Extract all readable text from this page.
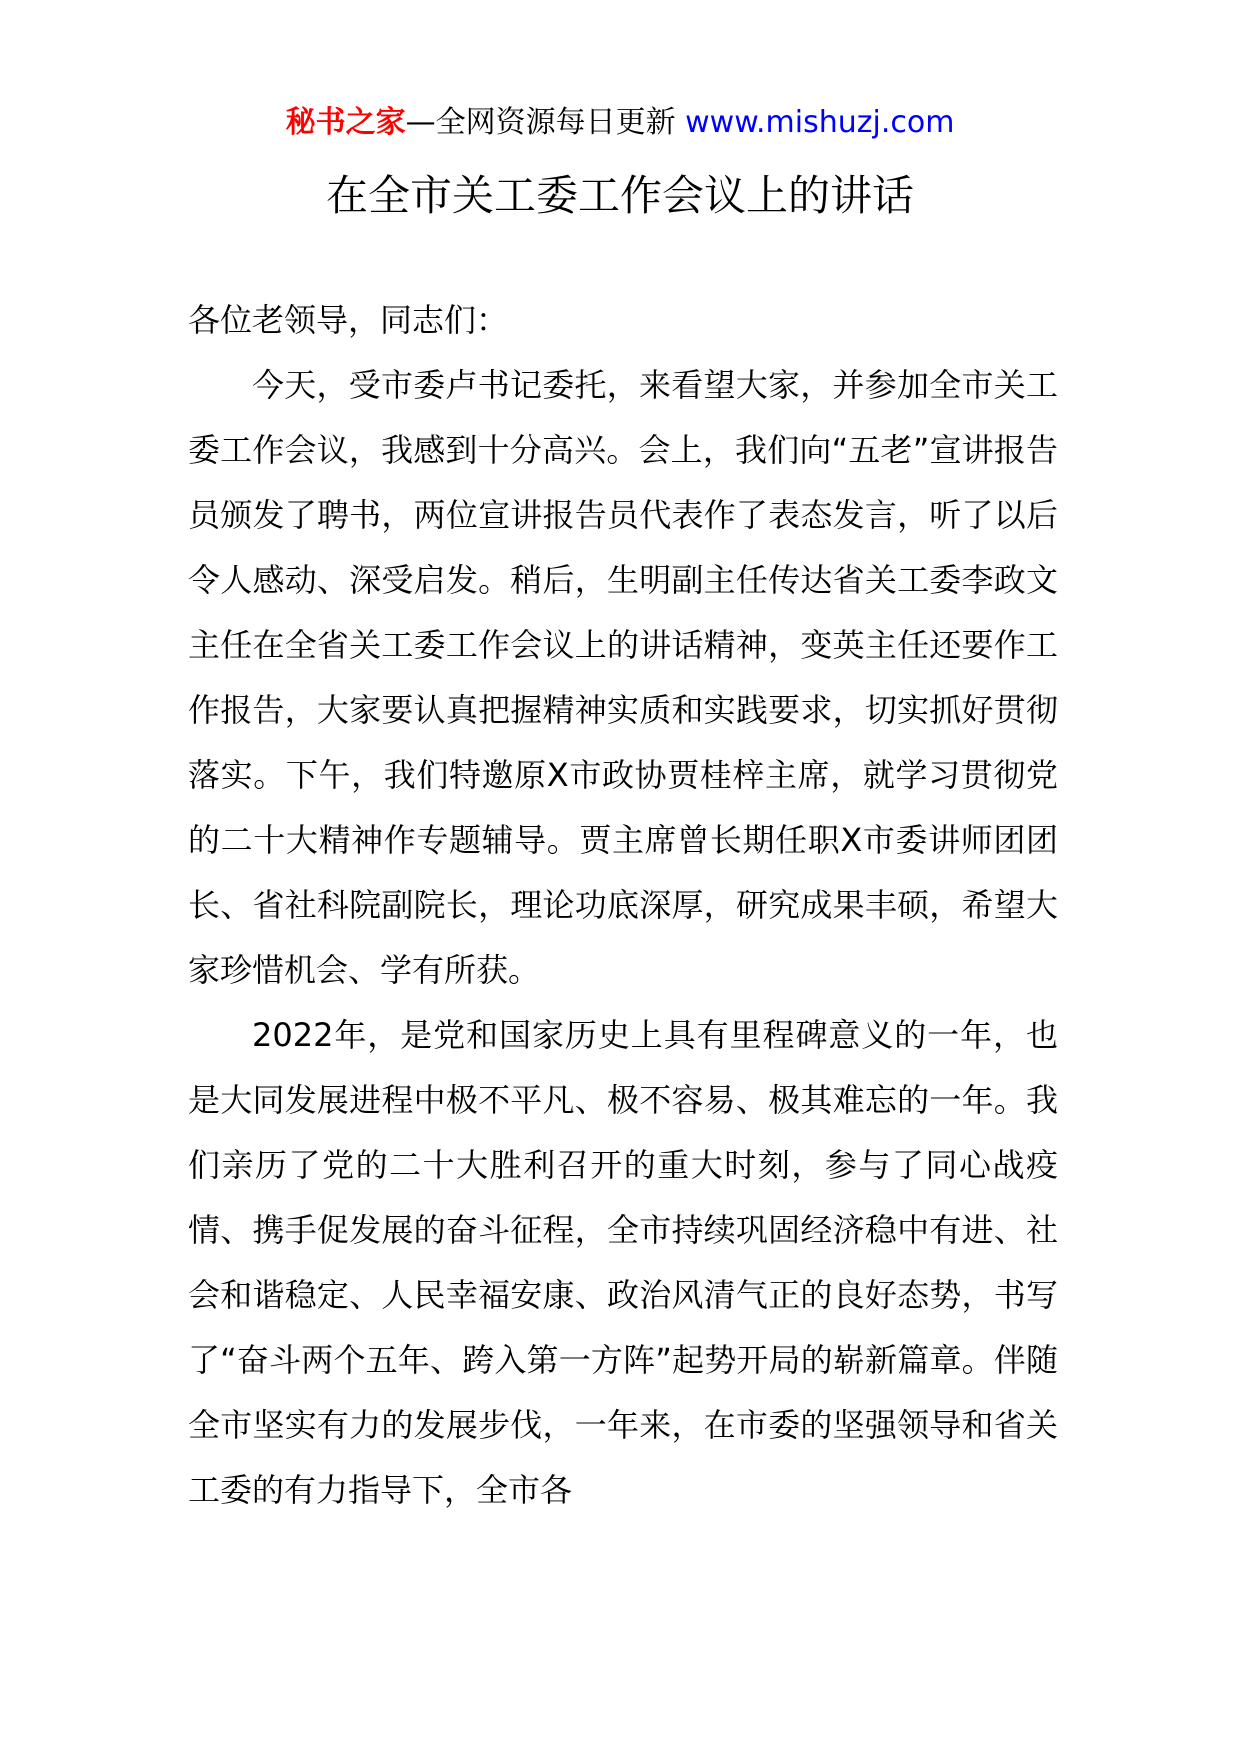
秘书之家—全网资源每日更新 www.mishuzj.com
在全市关工委工作会议上的讲话

各位老领导，同志们：

今天，受市委卢书记委托，来看望大家，并参加全市关工委工作会议，我感到十分高兴。会上，我们向“五老”宣讲报告员颁发了聘书，两位宣讲报告员代表作了表态发言，听了以后令人感动、深受启发。稍后，生明副主任传达省关工委李政文主任在全省关工委工作会议上的讲话精神，变英主任还要作工作报告，大家要认真把握精神实质和实践要求，切实抓好贯彻落实。下午，我们特邀原X市政协贾桂梓主席，就学习贯彻党的二十大精神作专题辅导。贾主席曾长期任职X市委讲师团团长、省社科院副院长，理论功底深厚，研究成果丰硕，希望大家珍惜机会、学有所获。

2022年，是党和国家历史上具有里程碑意义的一年，也是大同发展进程中极不平凡、极不容易、极其难忘的一年。我们亲历了党的二十大胜利召开的重大时刻，参与了同心战疫情、携手促发展的奋斗征程，全市持续巩固经济稳中有进、社会和谐稳定、人民幸福安康、政治风清气正的良好态势，书写了“奋斗两个五年、跨入第一方阵”起势开局的崭新篇章。伴随全市坚实有力的发展步伐，一年来，在市委的坚强领导和省关工委的有力指导下，全市各
